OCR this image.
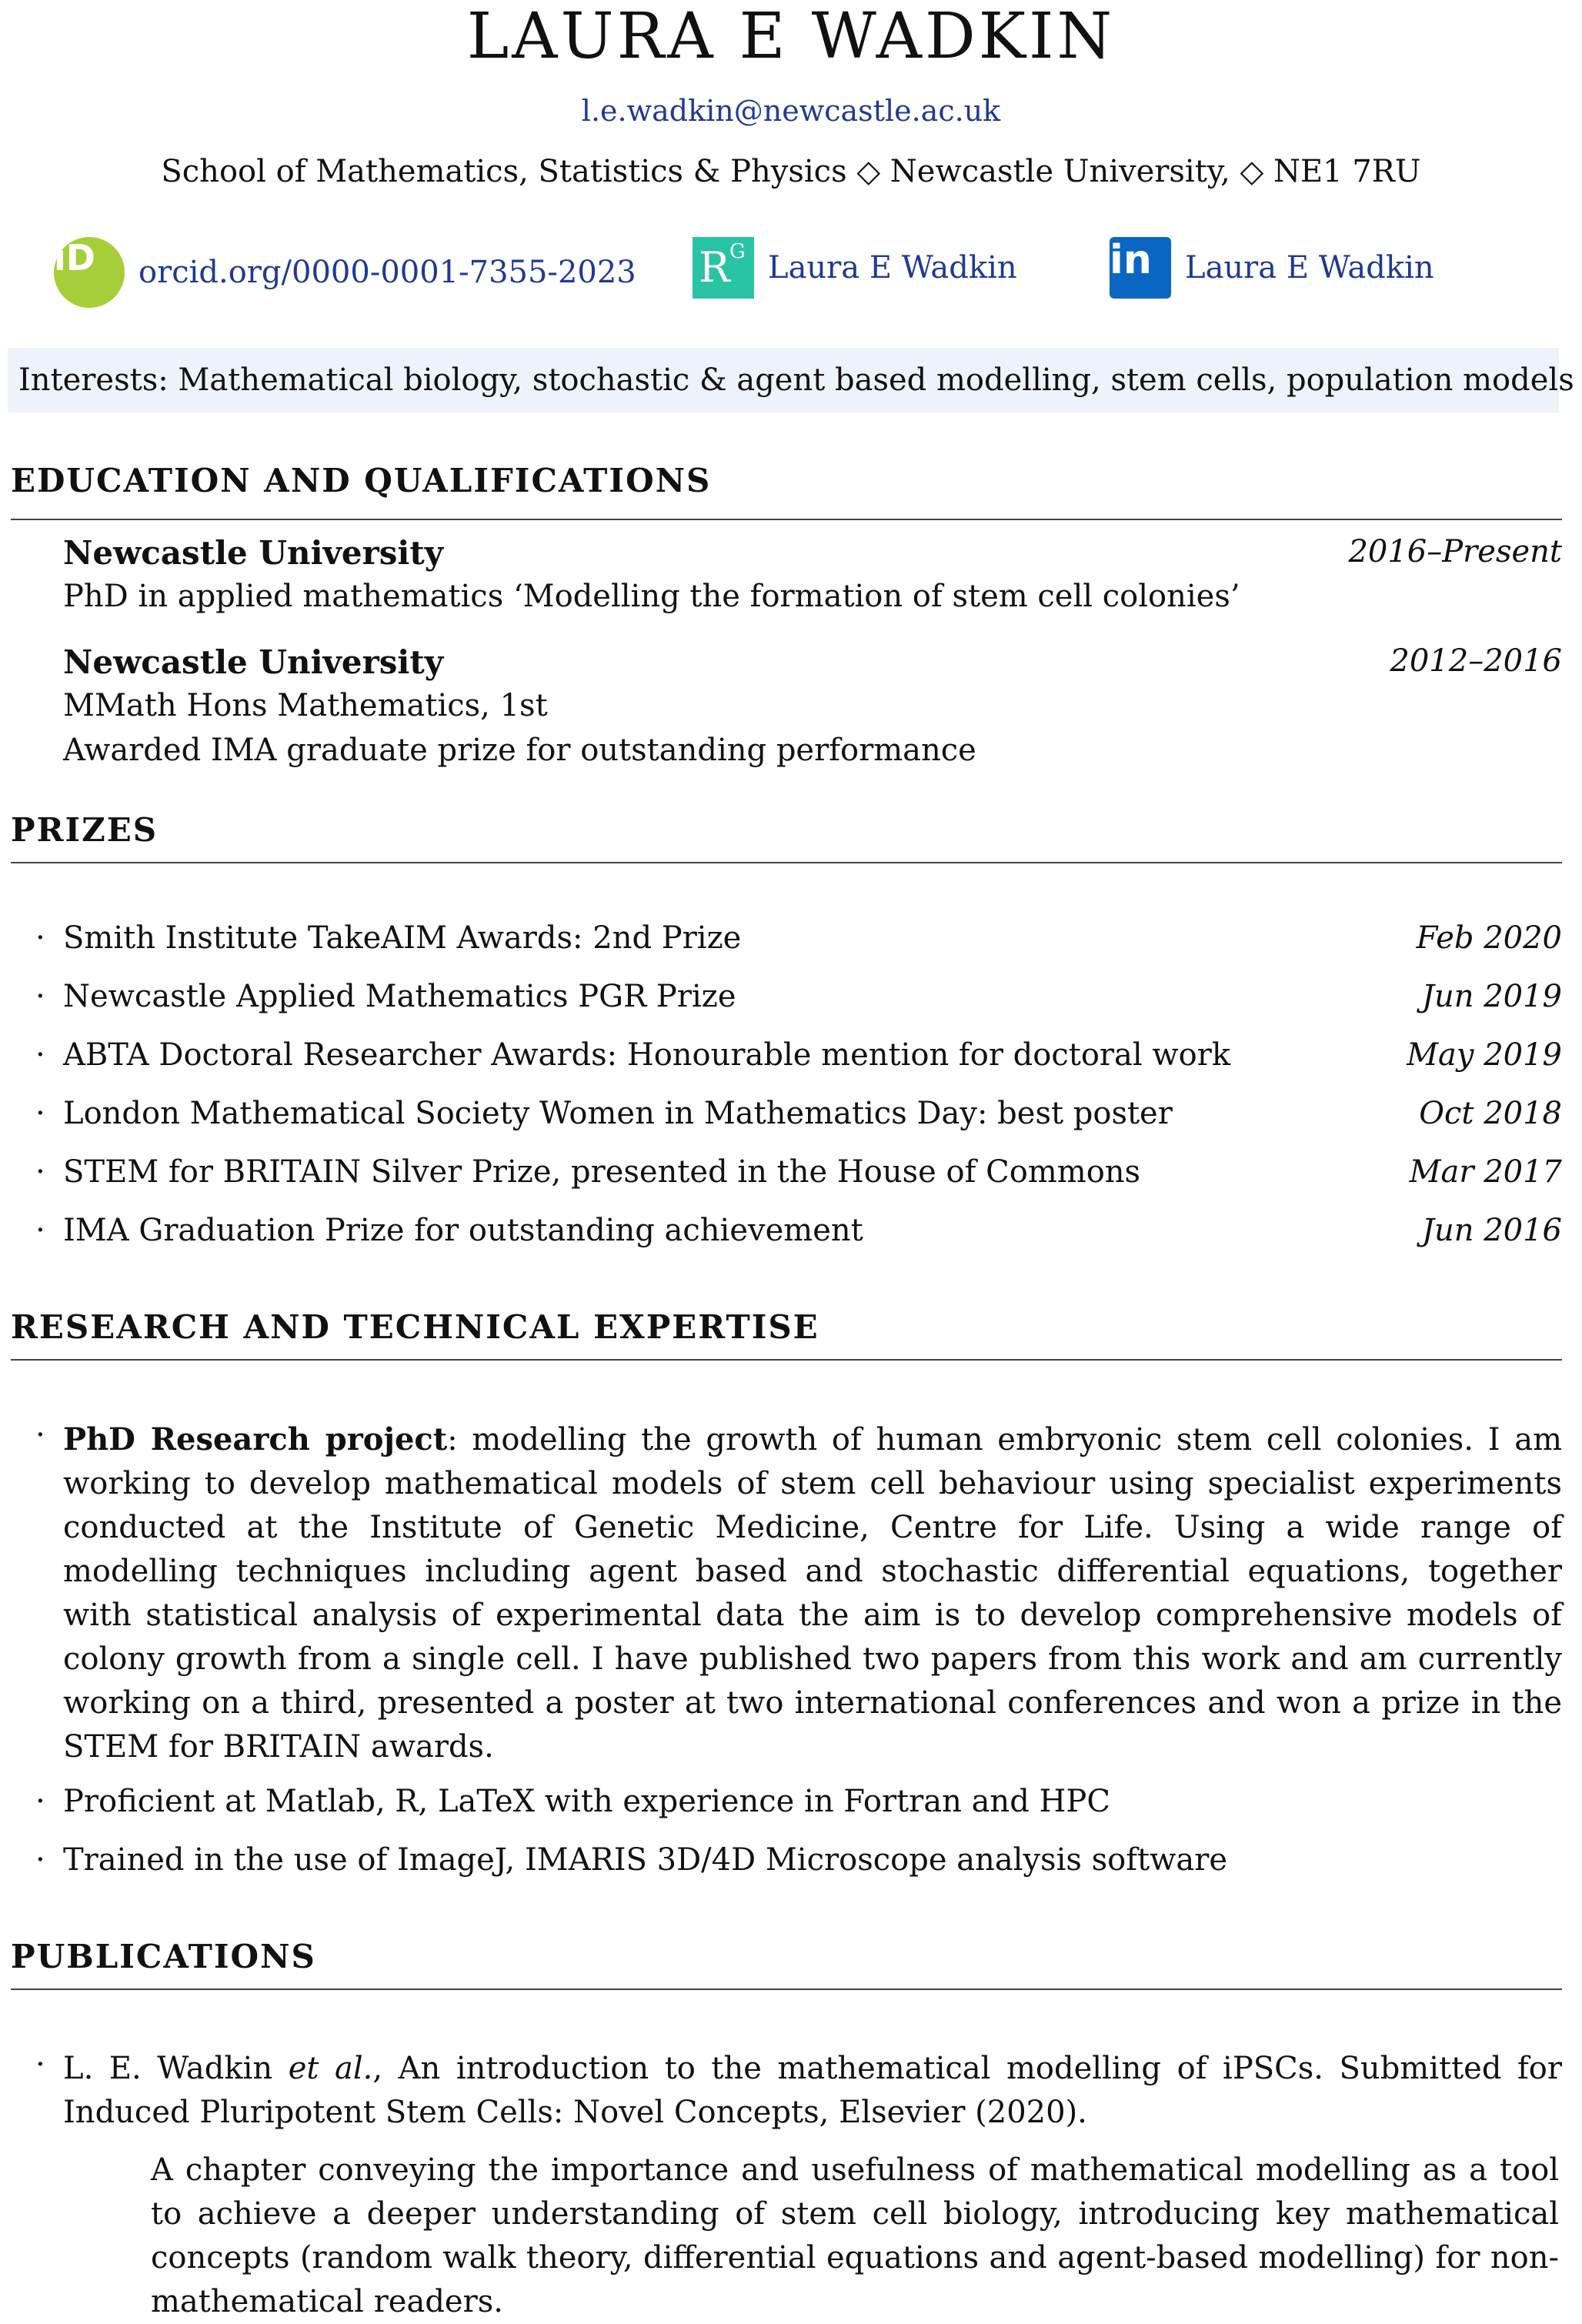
LAURA E WADKIN
l.e.wadkin@newcastle.ac.uk
School of Mathematics, Statistics & Physics ◇ Newcastle University, ◇ NE1 7RU
iD	orcid.org/0000-0001-7355-2023 R G Laura E Wadkin in	Laura E Wadkin
Interests: Mathematical biology, stochastic & agent based modelling, stem cells, population models
EDUCATION AND QUALIFICATIONS
Newcastle University	2016–Present
PhD in applied mathematics ‘Modelling the formation of stem cell colonies’
Newcastle University	2012–2016
MMath Hons Mathematics, 1st
Awarded IMA graduate prize for outstanding performance
PRIZES
· Smith Institute TakeAIM Awards: 2nd Prize	Feb 2020
· Newcastle Applied Mathematics PGR Prize	Jun 2019
· ABTA Doctoral Researcher Awards: Honourable mention for doctoral work	May 2019
· London Mathematical Society Women in Mathematics Day: best poster	Oct 2018
· STEM for BRITAIN Silver Prize, presented in the House of Commons	Mar 2017
· IMA Graduation Prize for outstanding achievement	Jun 2016
RESEARCH AND TECHNICAL EXPERTISE
· PhD Research project: modelling the growth of human embryonic stem cell colonies. I am working to develop mathematical models of stem cell behaviour using specialist experiments conducted at the Institute of Genetic Medicine, Centre for Life. Using a wide range of modelling techniques including agent based and stochastic differential equations, together with statistical analysis of experimental data the aim is to develop comprehensive models of colony growth from a single cell. I have published two papers from this work and am currently working on a third, presented a poster at two international conferences and won a prize in the STEM for BRITAIN awards.

· Proficient at Matlab, R, LaTeX with experience in Fortran and HPC
· Trained in the use of ImageJ, IMARIS 3D/4D Microscope analysis software
PUBLICATIONS
· L. E. Wadkin et al., An introduction to the mathematical modelling of iPSCs. Submitted for Induced Pluripotent Stem Cells: Novel Concepts, Elsevier (2020).

A chapter conveying the importance and usefulness of mathematical modelling as a tool to achieve a deeper understanding of stem cell biology, introducing key mathematical concepts (random walk theory, differential equations and agent-based modelling) for non-mathematical readers.
